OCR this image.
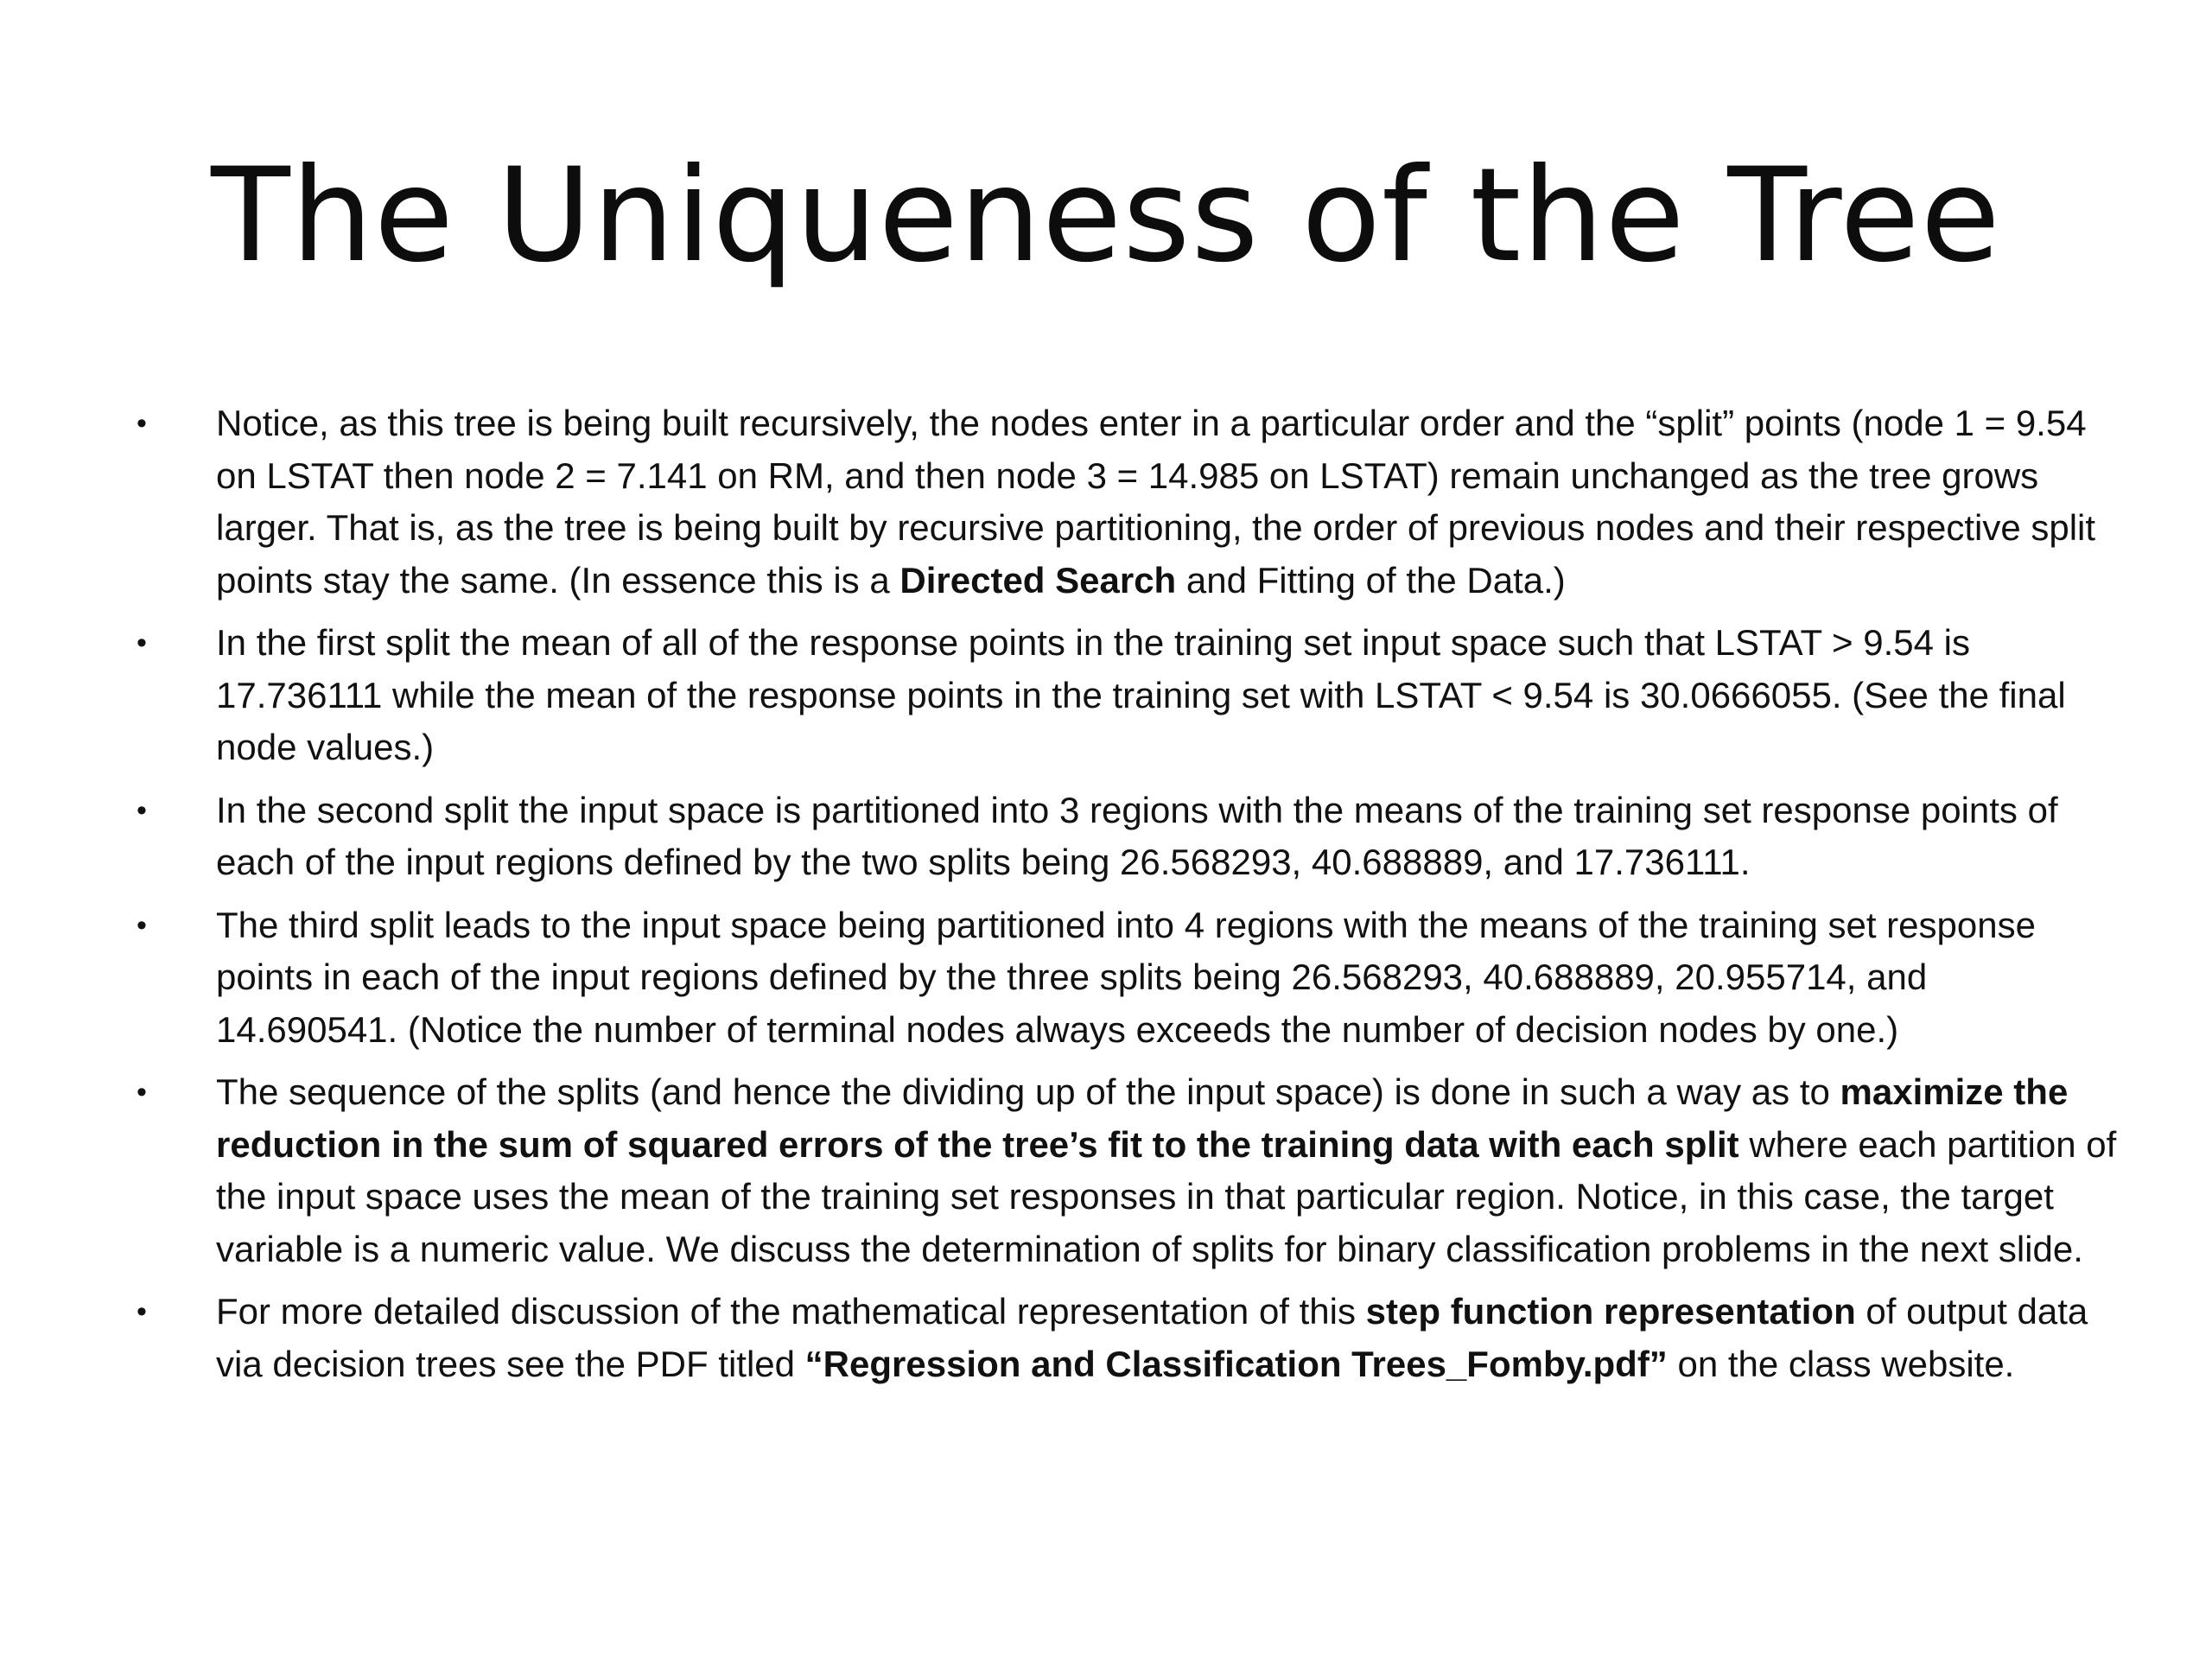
The Uniqueness of the Tree
• Notice, as this tree is being built recursively, the nodes enter in a particular order and the “split” points (node 1 = 9.54 on LSTAT then node 2 = 7.141 on RM, and then node 3 = 14.985 on LSTAT) remain unchanged as the tree grows larger. That is, as the tree is being built by recursive partitioning, the order of previous nodes and their respective split points stay the same. (In essence this is a Directed Search and Fitting of the Data.)
• In the first split the mean of all of the response points in the training set input space such that LSTAT > 9.54 is 17.736111 while the mean of the response points in the training set with LSTAT < 9.54 is 30.0666055. (See the final node values.)
• In the second split the input space is partitioned into 3 regions with the means of the training set response points of each of the input regions defined by the two splits being 26.568293, 40.688889, and 17.736111.
• The third split leads to the input space being partitioned into 4 regions with the means of the training set response points in each of the input regions defined by the three splits being 26.568293, 40.688889, 20.955714, and 14.690541. (Notice the number of terminal nodes always exceeds the number of decision nodes by one.)
• The sequence of the splits (and hence the dividing up of the input space) is done in such a way as to maximize the reduction in the sum of squared errors of the tree’s fit to the training data with each split where each partition of the input space uses the mean of the training set responses in that particular region. Notice, in this case, the target variable is a numeric value. We discuss the determination of splits for binary classification problems in the next slide.
• For more detailed discussion of the mathematical representation of this step function representation of output data via decision trees see the PDF titled “Regression and Classification Trees_Fomby.pdf” on the class website.
